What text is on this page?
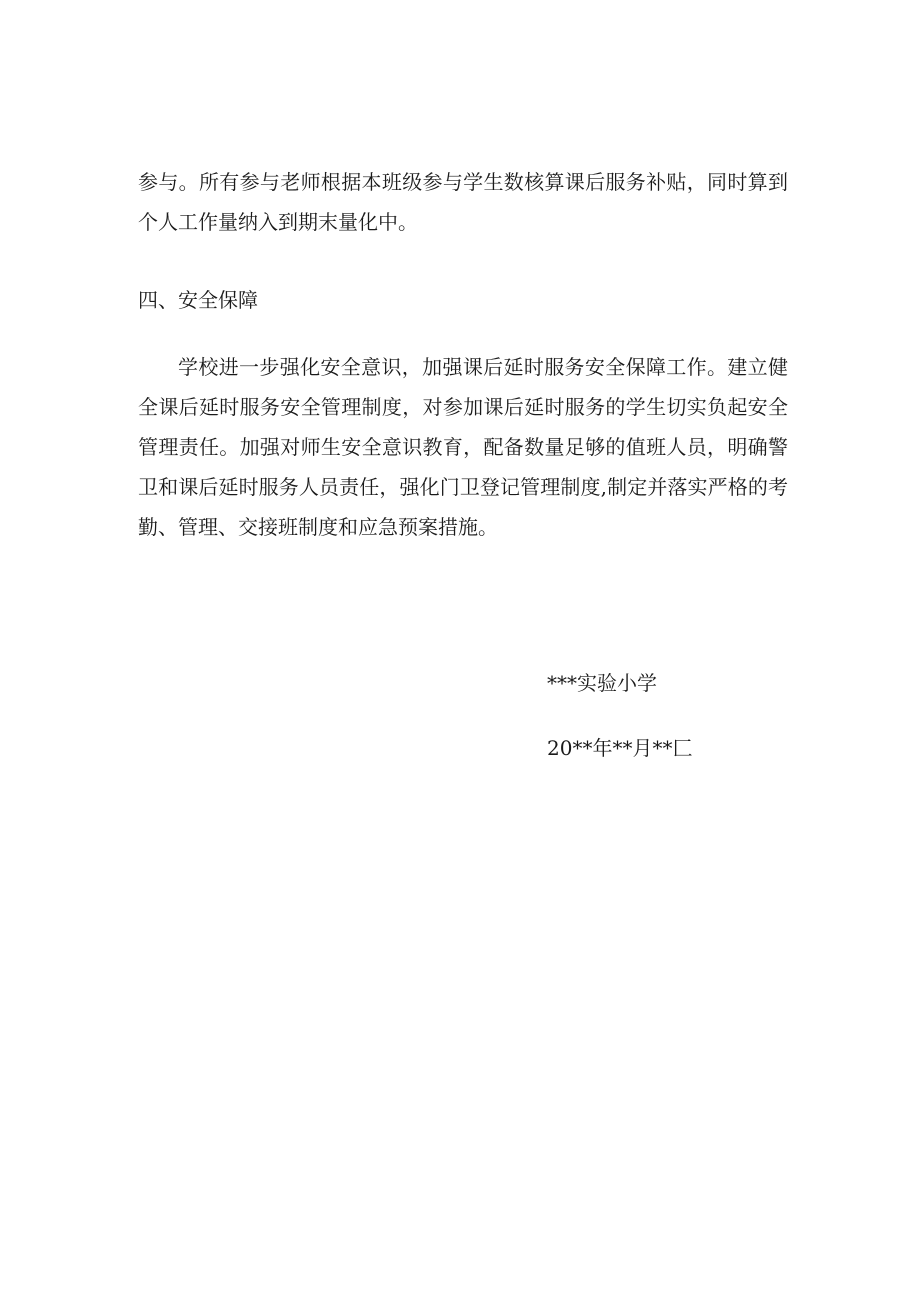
参与。所有参与老师根据本班级参与学生数核算课后服务补贴，同时算到个人工作量纳入到期末量化中。

四、安全保障

学校进一步强化安全意识，加强课后延时服务安全保障工作。建立健全课后延时服务安全管理制度，对参加课后延时服务的学生切实负起安全管理责任。加强对师生安全意识教育，配备数量足够的值班人员，明确警卫和课后延时服务人员责任，强化门卫登记管理制度,制定并落实严格的考勤、管理、交接班制度和应急预案措施。

***实验小学
20**年**月**匚
